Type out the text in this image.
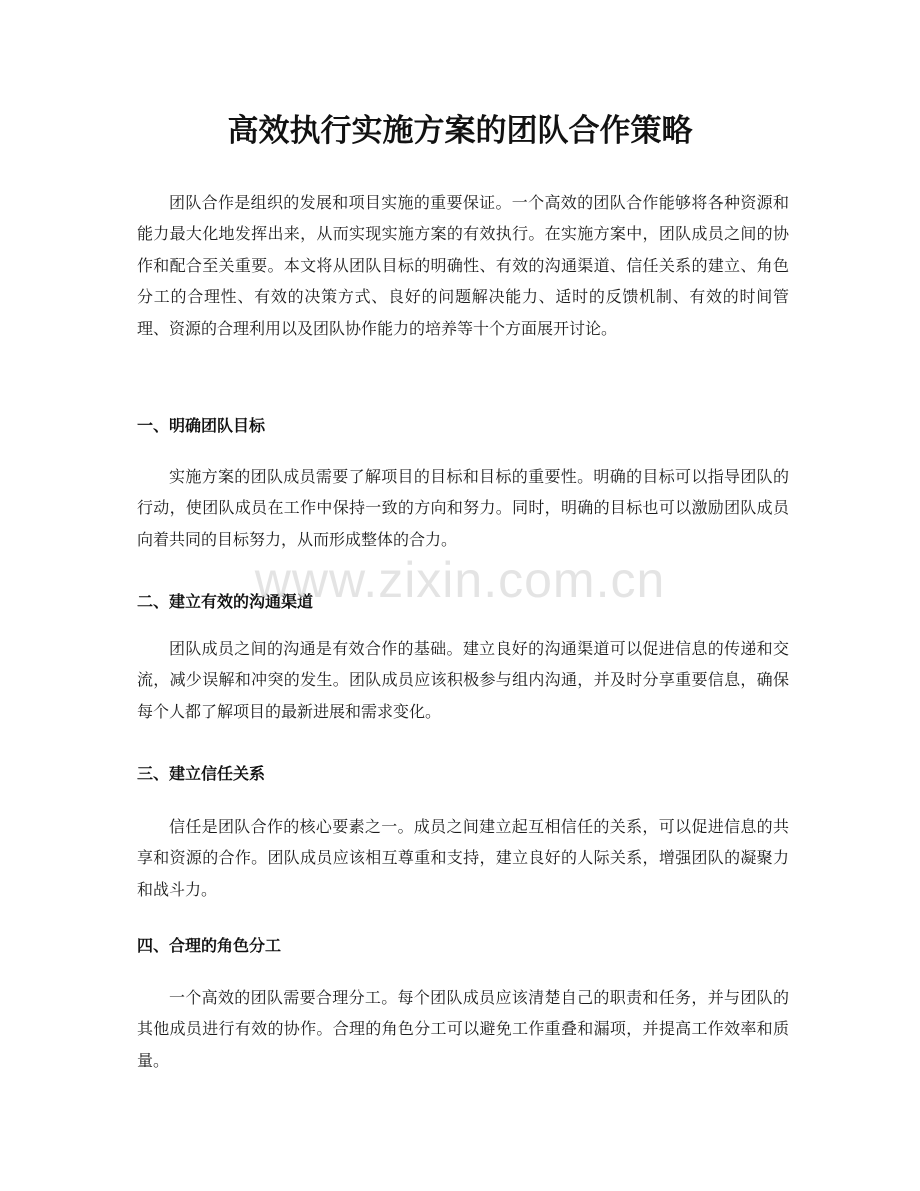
高效执行实施方案的团队合作策略

团队合作是组织的发展和项目实施的重要保证。一个高效的团队合作能够将各种资源和能力最大化地发挥出来，从而实现实施方案的有效执行。在实施方案中，团队成员之间的协作和配合至关重要。本文将从团队目标的明确性、有效的沟通渠道、信任关系的建立、角色分工的合理性、有效的决策方式、良好的问题解决能力、适时的反馈机制、有效的时间管理、资源的合理利用以及团队协作能力的培养等十个方面展开讨论。

一、明确团队目标

实施方案的团队成员需要了解项目的目标和目标的重要性。明确的目标可以指导团队的行动，使团队成员在工作中保持一致的方向和努力。同时，明确的目标也可以激励团队成员向着共同的目标努力，从而形成整体的合力。

二、建立有效的沟通渠道

团队成员之间的沟通是有效合作的基础。建立良好的沟通渠道可以促进信息的传递和交流，减少误解和冲突的发生。团队成员应该积极参与组内沟通，并及时分享重要信息，确保每个人都了解项目的最新进展和需求变化。

三、建立信任关系

信任是团队合作的核心要素之一。成员之间建立起互相信任的关系，可以促进信息的共享和资源的合作。团队成员应该相互尊重和支持，建立良好的人际关系，增强团队的凝聚力和战斗力。

四、合理的角色分工

一个高效的团队需要合理分工。每个团队成员应该清楚自己的职责和任务，并与团队的其他成员进行有效的协作。合理的角色分工可以避免工作重叠和漏项，并提高工作效率和质量。

www.zixin.com.cn
